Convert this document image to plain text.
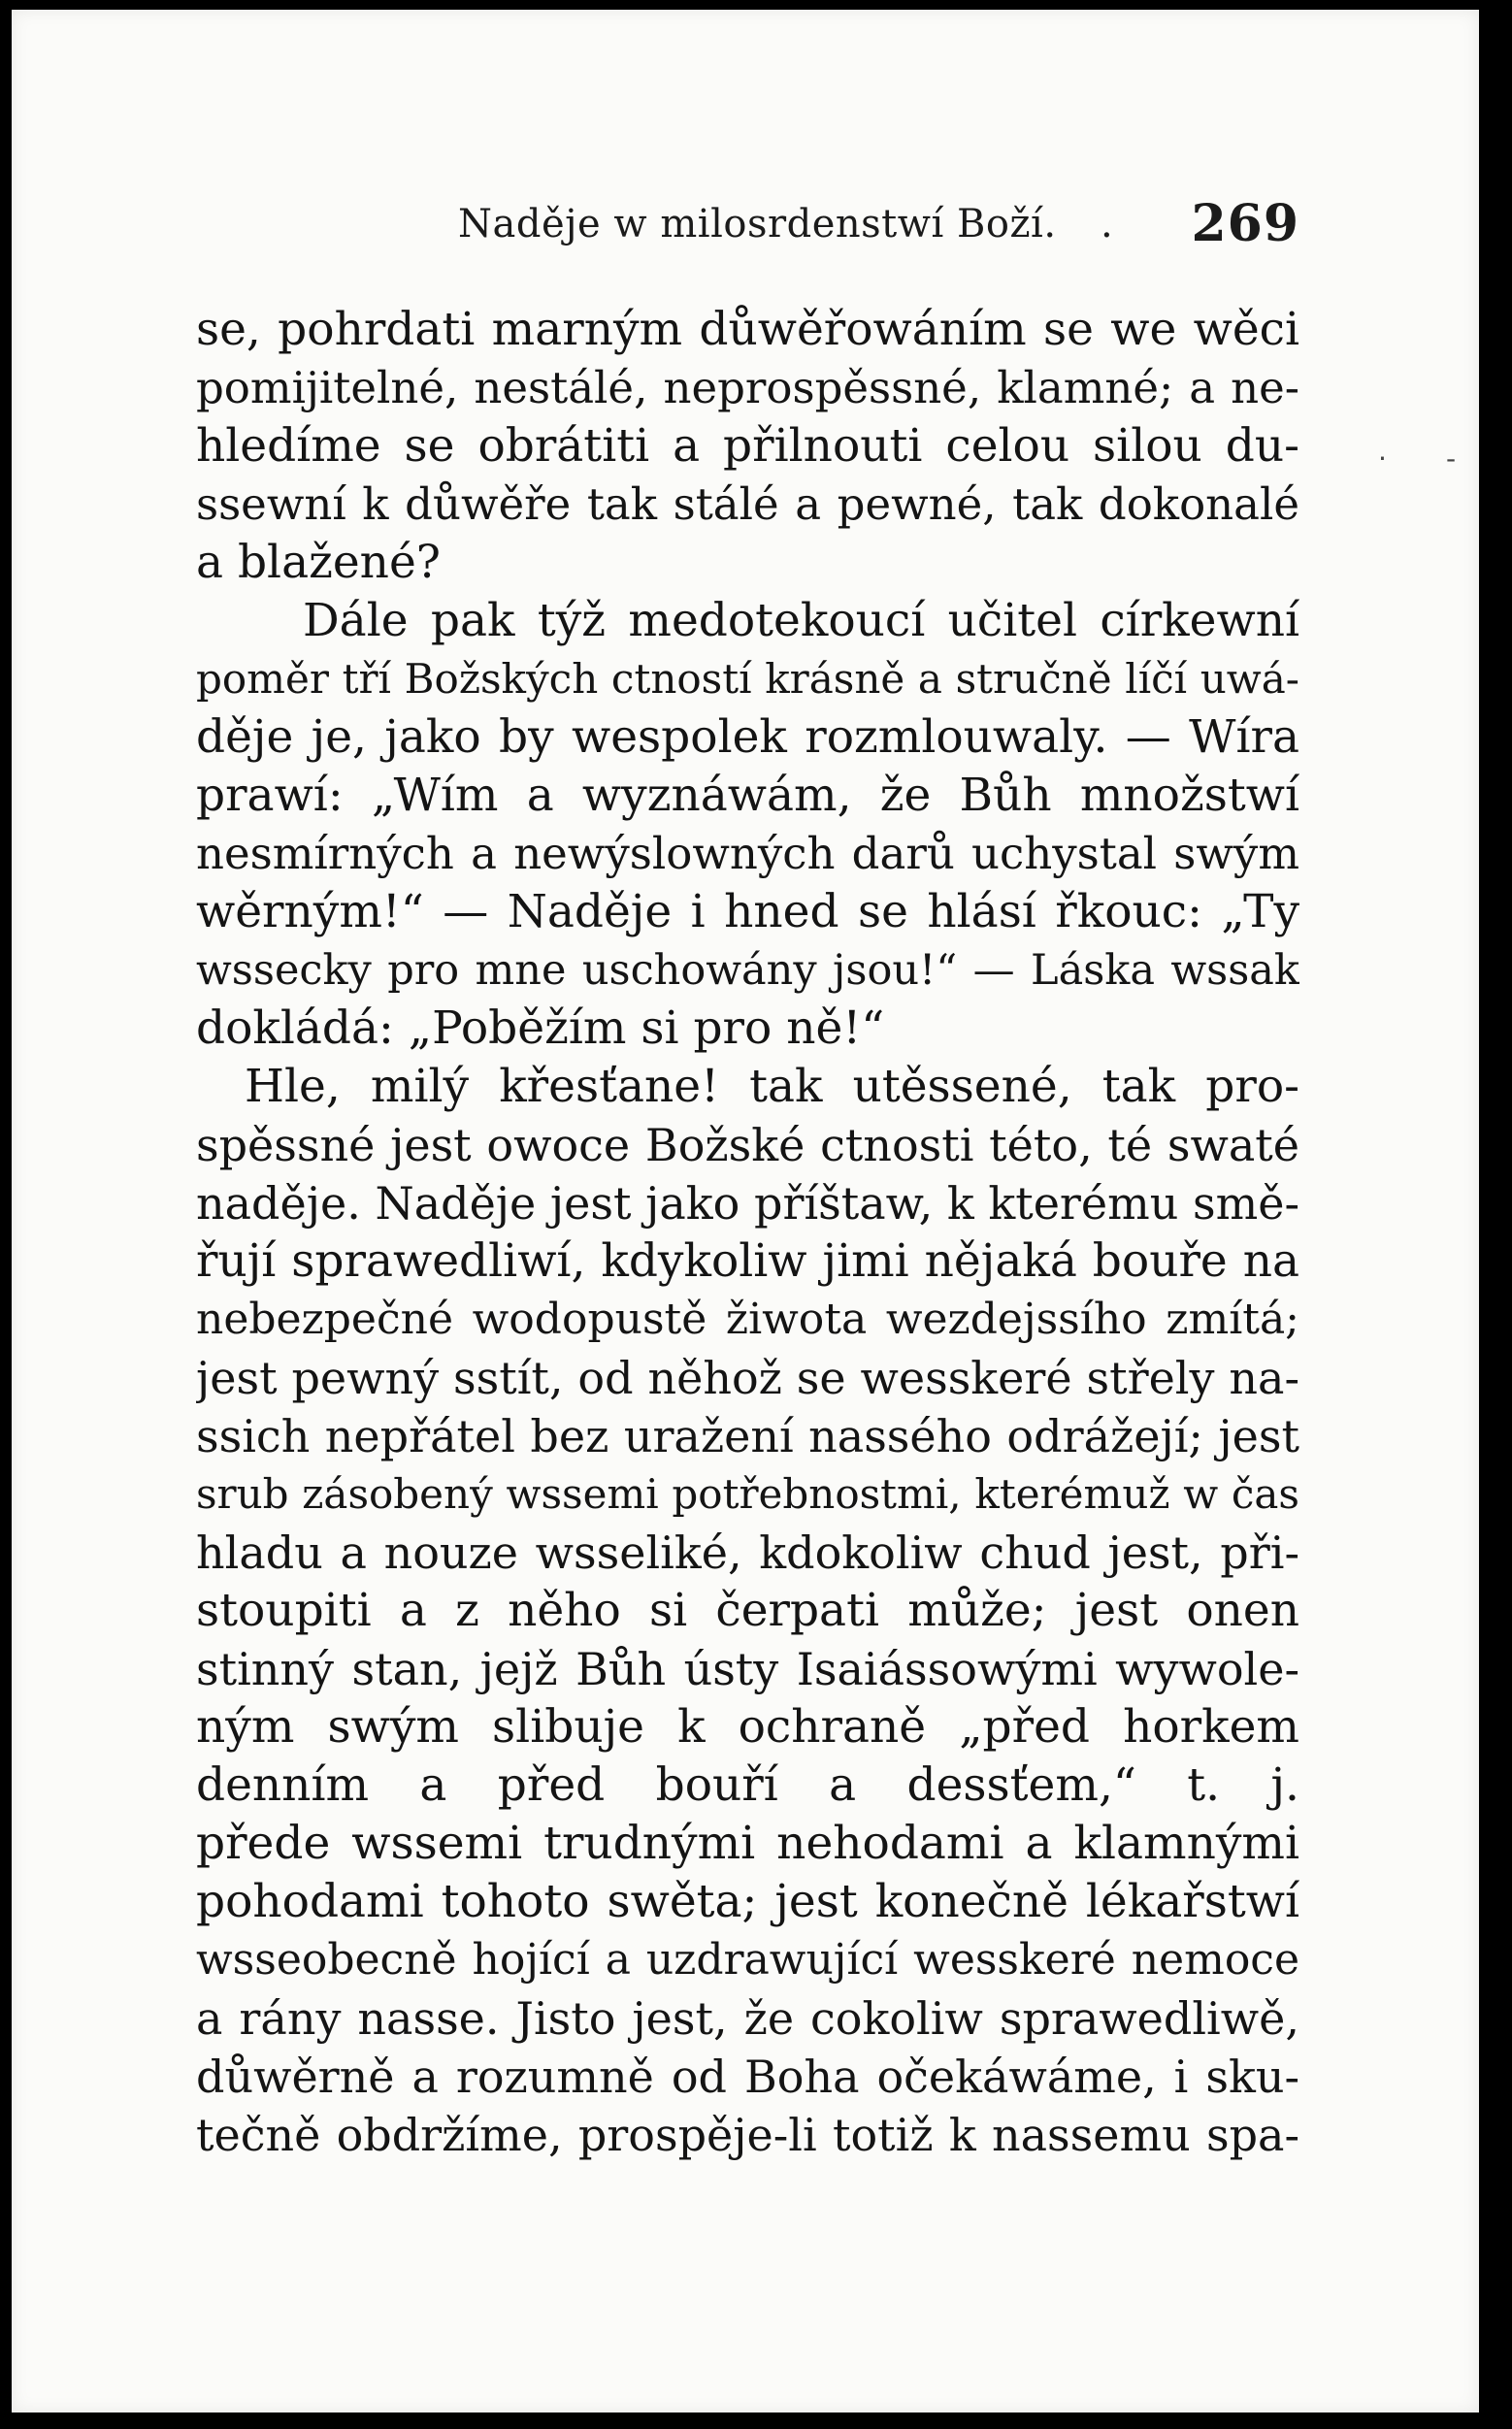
Naděje w milosrdenstwí Boží. . 269
se, pohrdati marným důwěřowáním se we wěci
pomijitelné, nestálé, neprospěssné, klamné; a ne-
hledíme se obrátiti a přilnouti celou silou du-
ssewní k důwěře tak stálé a pewné, tak dokonalé
a blažené?
Dále pak týž medotekoucí učitel církewní
poměr tří Božských ctností krásně a stručně líčí uwá-
děje je, jako by wespolek rozmlouwaly. — Wíra
prawí: „Wím a wyznáwám, že Bůh množstwí
nesmírných a newýslowných darů uchystal swým
wěrným!“ — Naděje i hned se hlásí řkouc: „Ty
wssecky pro mne uschowány jsou!“ — Láska wssak
dokládá: „Poběžím si pro ně!“
Hle, milý křesťane! tak utěssené, tak pro-
spěssné jest owoce Božské ctnosti této, té swaté
naděje. Naděje jest jako příštaw, k kterému smě-
řují sprawedliwí, kdykoliw jimi nějaká bouře na
nebezpečné wodopustě žiwota wezdejssího zmítá;
jest pewný sstít, od něhož se wesskeré střely na-
ssich nepřátel bez uražení nassého odrážejí; jest
srub zásobený wssemi potřebnostmi, kterémuž w čas
hladu a nouze wsseliké, kdokoliw chud jest, při-
stoupiti a z něho si čerpati může; jest onen
stinný stan, jejž Bůh ústy Isaiássowými wywole-
ným swým slibuje k ochraně „před horkem
denním a před bouří a dessťem,“ t. j.
přede wssemi trudnými nehodami a klamnými
pohodami tohoto swěta; jest konečně lékařstwí
wsseobecně hojící a uzdrawující wesskeré nemoce
a rány nasse. Jisto jest, že cokoliw sprawedliwě,
důwěrně a rozumně od Boha očekáwáme, i sku-
tečně obdržíme, prospěje-li totiž k nassemu spa-
· -
